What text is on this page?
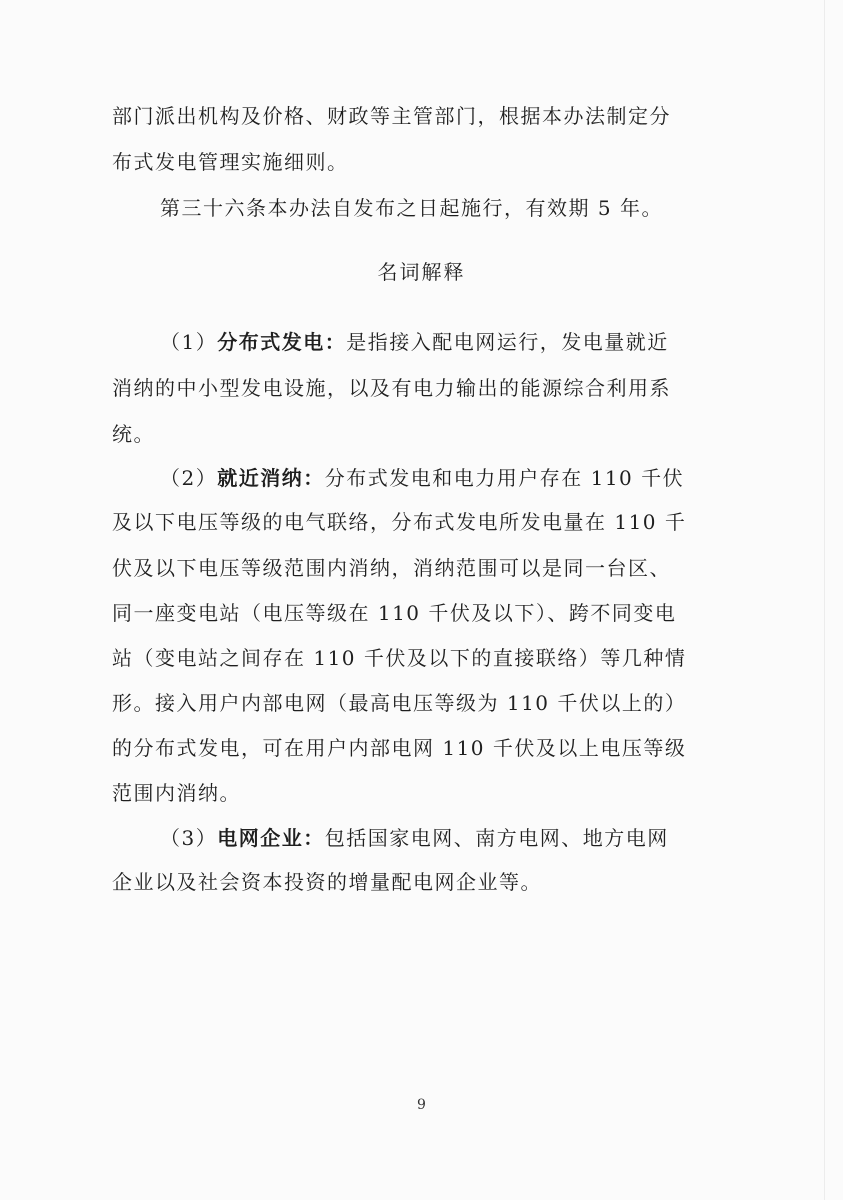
部门派出机构及价格、财政等主管部门，根据本办法制定分

布式发电管理实施细则。

第三十六条本办法自发布之日起施行，有效期 5 年。

名词解释

（1）分布式发电：是指接入配电网运行，发电量就近

消纳的中小型发电设施，以及有电力输出的能源综合利用系

统。

（2）就近消纳：分布式发电和电力用户存在 110 千伏

及以下电压等级的电气联络，分布式发电所发电量在 110 千

伏及以下电压等级范围内消纳，消纳范围可以是同一台区、

同一座变电站（电压等级在 110 千伏及以下）、跨不同变电

站（变电站之间存在 110 千伏及以下的直接联络）等几种情

形。接入用户内部电网（最高电压等级为 110 千伏以上的）

的分布式发电，可在用户内部电网 110 千伏及以上电压等级

范围内消纳。

（3）电网企业：包括国家电网、南方电网、地方电网

企业以及社会资本投资的增量配电网企业等。

9
